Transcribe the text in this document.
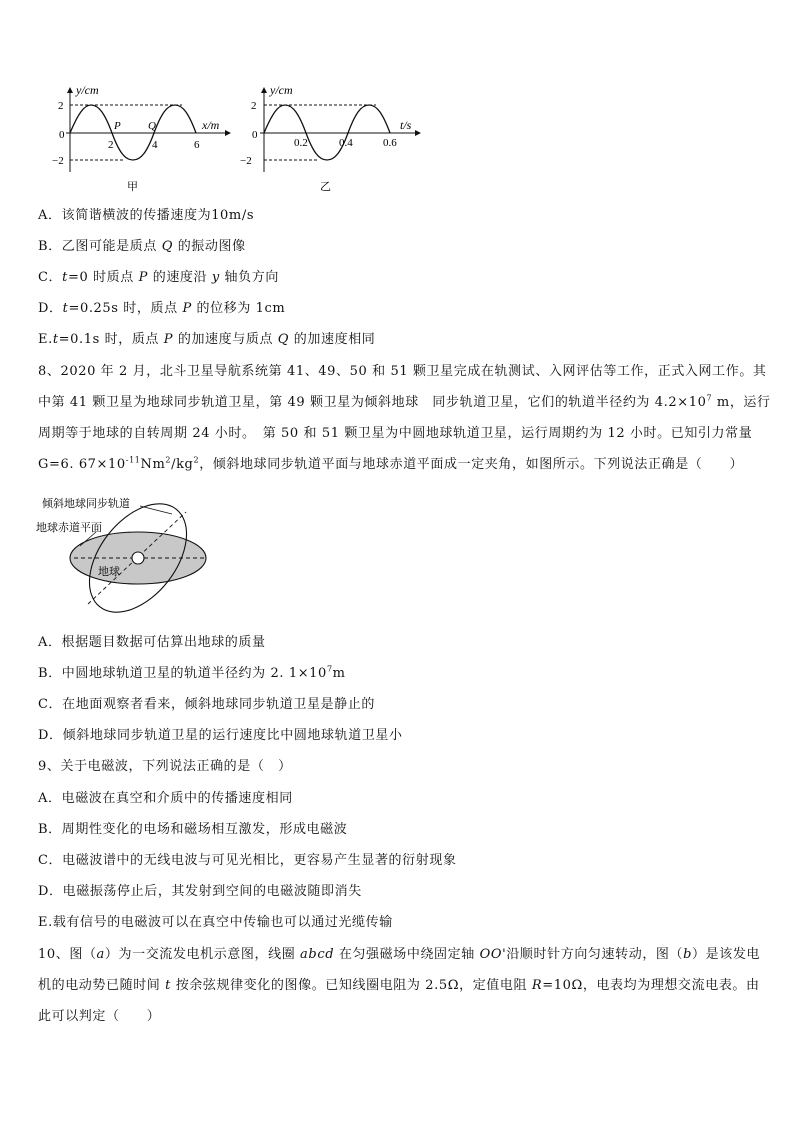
y/cm
x/m
2
−2
0
2	4	6
P Q
甲
y/cm
t/s
2
−2
0
0.2	0.4	0.6
乙
A．该简谐横波的传播速度为10m/s
B．乙图可能是质点 Q 的振动图像
C．t=0 时质点 P 的速度沿 y 轴负方向
D．t=0.25s 时，质点 P 的位移为 1cm
E.t=0.1s 时，质点 P 的加速度与质点 Q 的加速度相同
8、2020 年 2 月，北斗卫星导航系统第 41、49、50 和 51 颗卫星完成在轨测试、入网评估等工作，正式入网工作。其
中第 41 颗卫星为地球同步轨道卫星，第 49 颗卫星为倾斜地球　同步轨道卫星，它们的轨道半径约为 $4.2\times 10^7$ m，运行
周期等于地球的自转周期 24 小时。　第 50 和 51 颗卫星为中圆地球轨道卫星，运行周期约为 12 小时。已知引力常量
G=6. $67\times 10^{-11}Nm^2/kg^2$，倾斜地球同步轨道平面与地球赤道平面成一定夹角，如图所示。下列说法正确是（　　）
倾斜地球同步轨道
地球赤道平面
地球
A．根据题目数据可估算出地球的质量
B．中圆地球轨道卫星的轨道半径约为 2. $1\times 10^7m$
C．在地面观察者看来，倾斜地球同步轨道卫星是静止的
D．倾斜地球同步轨道卫星的运行速度比中圆地球轨道卫星小
9、关于电磁波，下列说法正确的是（　）
A．电磁波在真空和介质中的传播速度相同
B．周期性变化的电场和磁场相互激发，形成电磁波
C．电磁波谱中的无线电波与可见光相比，更容易产生显著的衍射现象
D．电磁振荡停止后，其发射到空间的电磁波随即消失
E.载有信号的电磁波可以在真空中传输也可以通过光缆传输
10、图（a）为一交流发电机示意图，线圈 abcd 在匀强磁场中绕固定轴 OO'沿顺时针方向匀速转动，图（b）是该发电
机的电动势已随时间 t 按余弦规律变化的图像。已知线圈电阻为 2.5Ω，定值电阻 R=10Ω，电表均为理想交流电表。由
此可以判定（　　）
